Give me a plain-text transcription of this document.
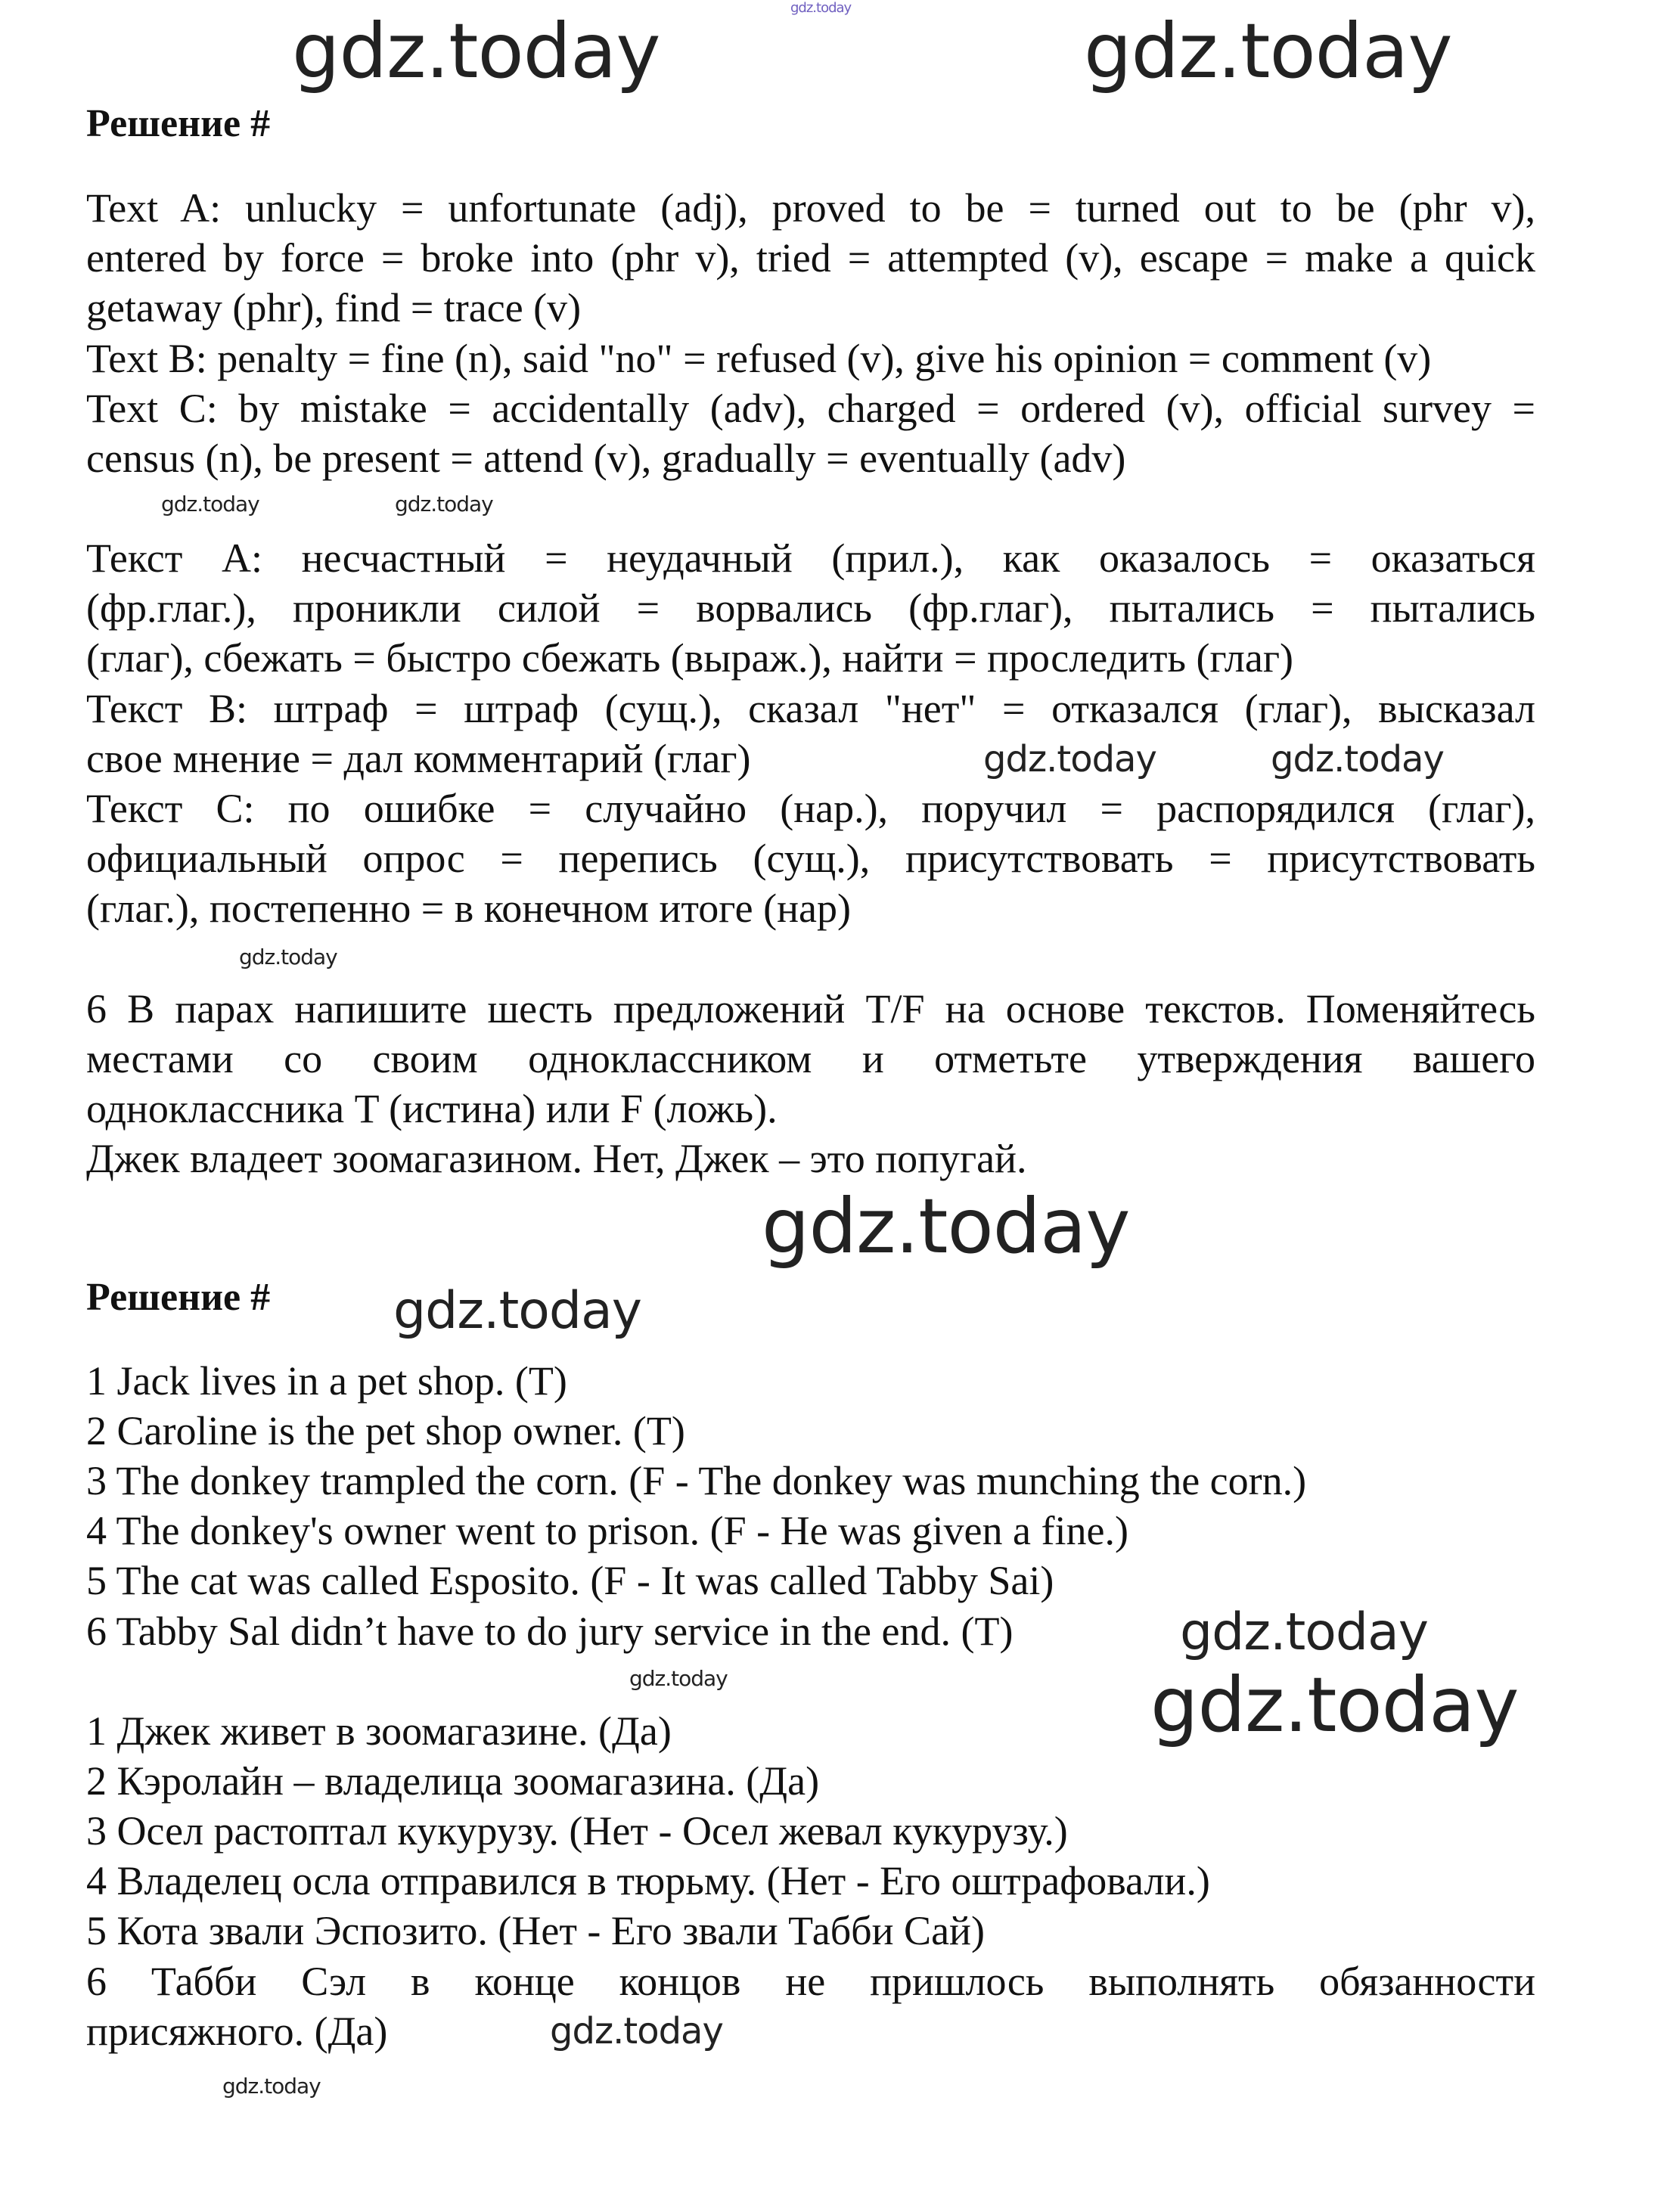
gdz.today
Решение #
Text A: unlucky = unfortunate (adj), proved to be = turned out to be (phr v),
entered by force = broke into (phr v), tried = attempted (v), escape = make a quick
getaway (phr), find = trace (v)
Text B: penalty = fine (n), said "no" = refused (v), give his opinion = comment (v)
Text C: by mistake = accidentally (adv), charged = ordered (v), official survey =
census (n), be present = attend (v), gradually = eventually (adv)
Текст A: несчастный = неудачный (прил.), как оказалось = оказаться
(фр.глаг.), проникли силой = ворвались (фр.глаг), пытались = пытались
(глаг), сбежать = быстро сбежать (выраж.), найти = проследить (глаг)
Текст B: штраф = штраф (сущ.), сказал "нет" = отказался (глаг), высказал
свое мнение = дал комментарий (глаг)
Текст C: по ошибке = случайно (нар.), поручил = распорядился (глаг),
официальный опрос = перепись (сущ.), присутствовать = присутствовать
(глаг.), постепенно = в конечном итоге (нар)
6 В парах напишите шесть предложений T/F на основе текстов. Поменяйтесь
местами со своим одноклассником и отметьте утверждения вашего
одноклассника T (истина) или F (ложь).
Джек владеет зоомагазином. Нет, Джек – это попугай.
Решение #
1 Jack lives in a pet shop. (T)
2 Caroline is the pet shop owner. (T)
3 The donkey trampled the corn. (F - The donkey was munching the corn.)
4 The donkey's owner went to prison. (F - He was given a fine.)
5 The cat was called Esposito. (F - It was called Tabby Sai)
6 Tabby Sal didn’t have to do jury service in the end. (T)
1 Джек живет в зоомагазине. (Да)
2 Кэролайн – владелица зоомагазина. (Да)
3 Осел растоптал кукурузу. (Нет - Осел жевал кукурузу.)
4 Владелец осла отправился в тюрьму. (Нет - Его оштрафовали.)
5 Кота звали Эспозито. (Нет - Его звали Табби Сай)
6 Табби Сэл в конце концов не пришлось выполнять обязанности
присяжного. (Да)
gdz.today	gdz.today
gdz.today	gdz.today
gdz.today	gdz.today
gdz.today
gdz.today
gdz.today
gdz.today
gdz.today	gdz.today
gdz.today
gdz.today
